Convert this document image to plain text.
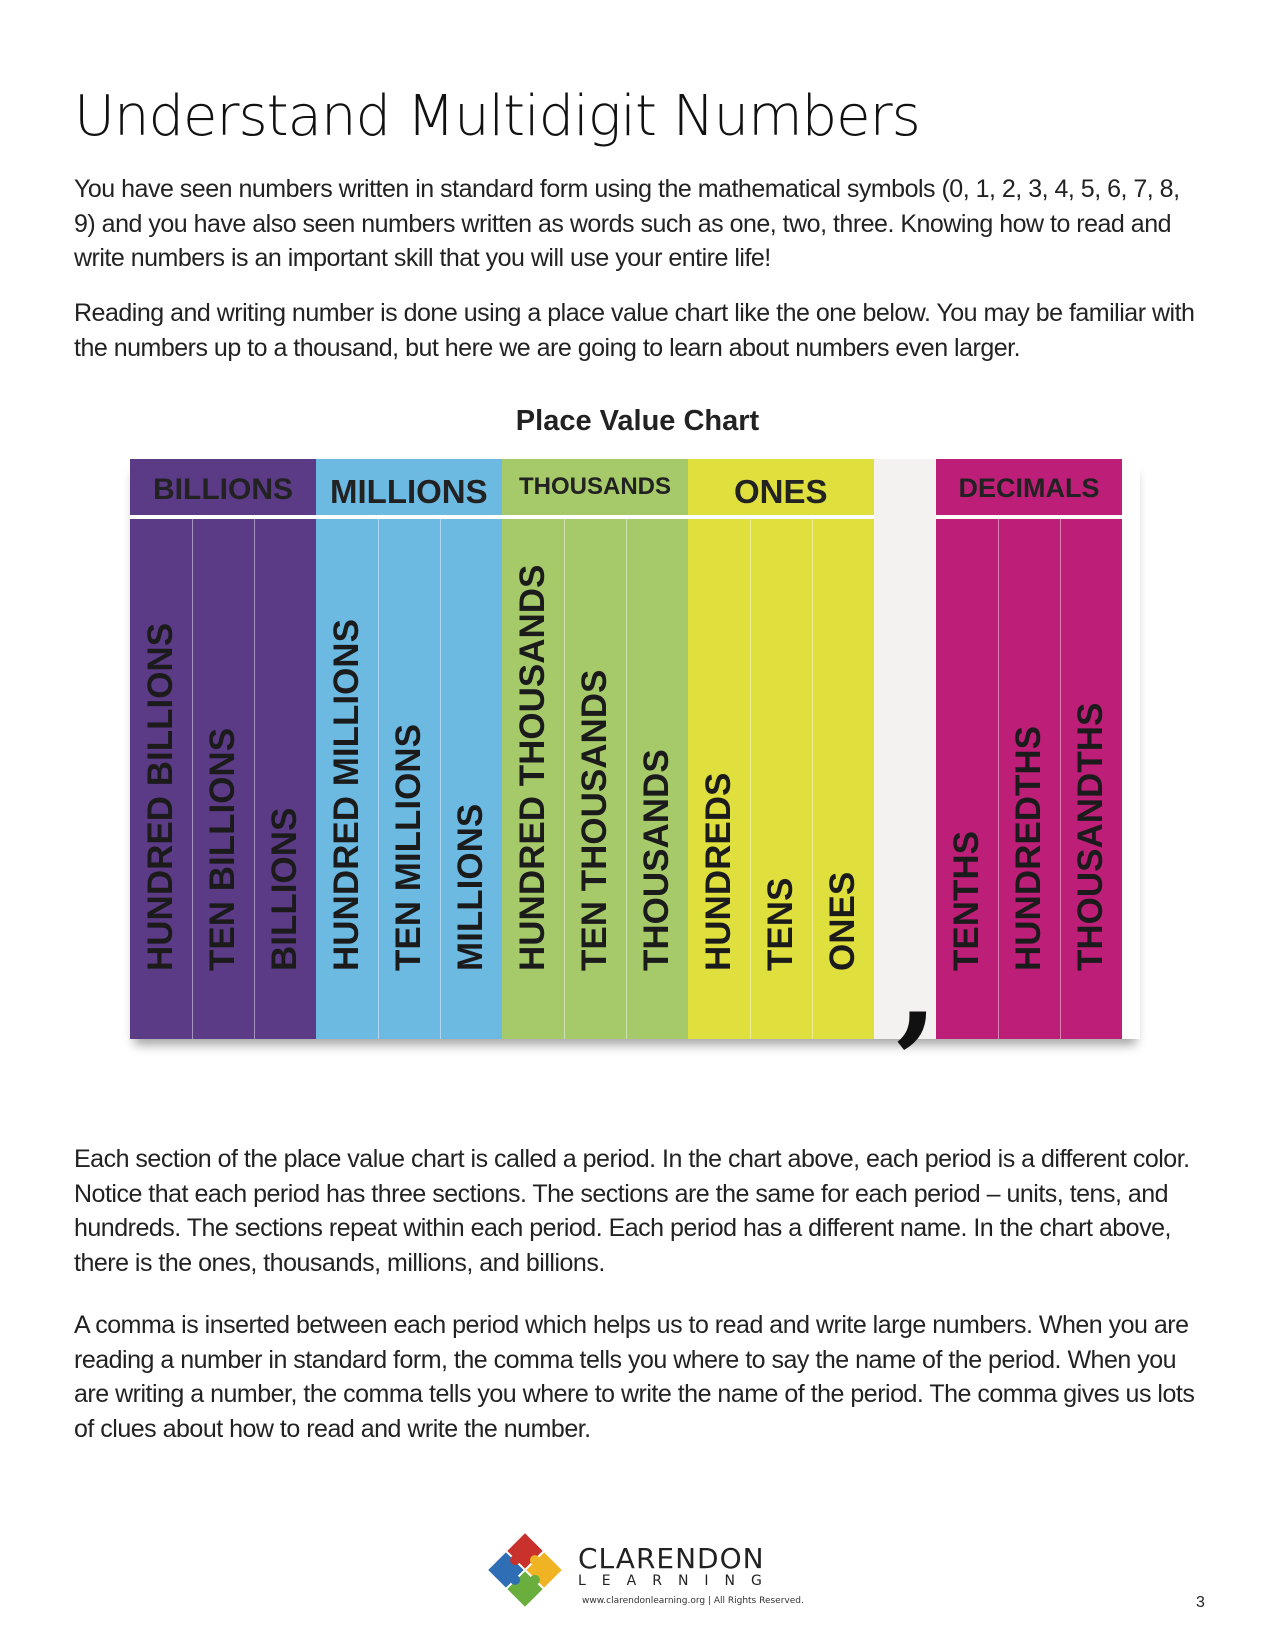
Understand Multidigit Numbers

You have seen numbers written in standard form using the mathematical symbols (0, 1, 2, 3, 4, 5, 6, 7, 8, 9) and you have also seen numbers written as words such as one, two, three. Knowing how to read and write numbers is an important skill that you will use your entire life!

Reading and writing number is done using a place value chart like the one below. You may be familiar with the numbers up to a thousand, but here we are going to learn about numbers even larger.

Place Value Chart
HUNDRED BILLIONS TEN BILLIONS BILLIONS
BILLIONS
HUNDRED MILLIONS TEN MILLIONS MILLIONS
MILLIONS
HUNDRED THOUSANDS TEN THOUSANDS THOUSANDS
THOUSANDS
HUNDREDS TENS ONES
ONES
TENTHS HUNDREDTHS THOUSANDTHS
DECIMALS
,

Each section of the place value chart is called a period. In the chart above, each period is a different color. Notice that each period has three sections. The sections are the same for each period – units, tens, and hundreds. The sections repeat within each period. Each period has a different name. In the chart above, there is the ones, thousands, millions, and billions.

A comma is inserted between each period which helps us to read and write large numbers. When you are reading a number in standard form, the comma tells you where to say the name of the period. When you are writing a number, the comma tells you where to write the name of the period. The comma gives us lots of clues about how to read and write the number.

CLARENDON
LEARNING
www.clarendonlearning.org | All Rights Reserved.	3
